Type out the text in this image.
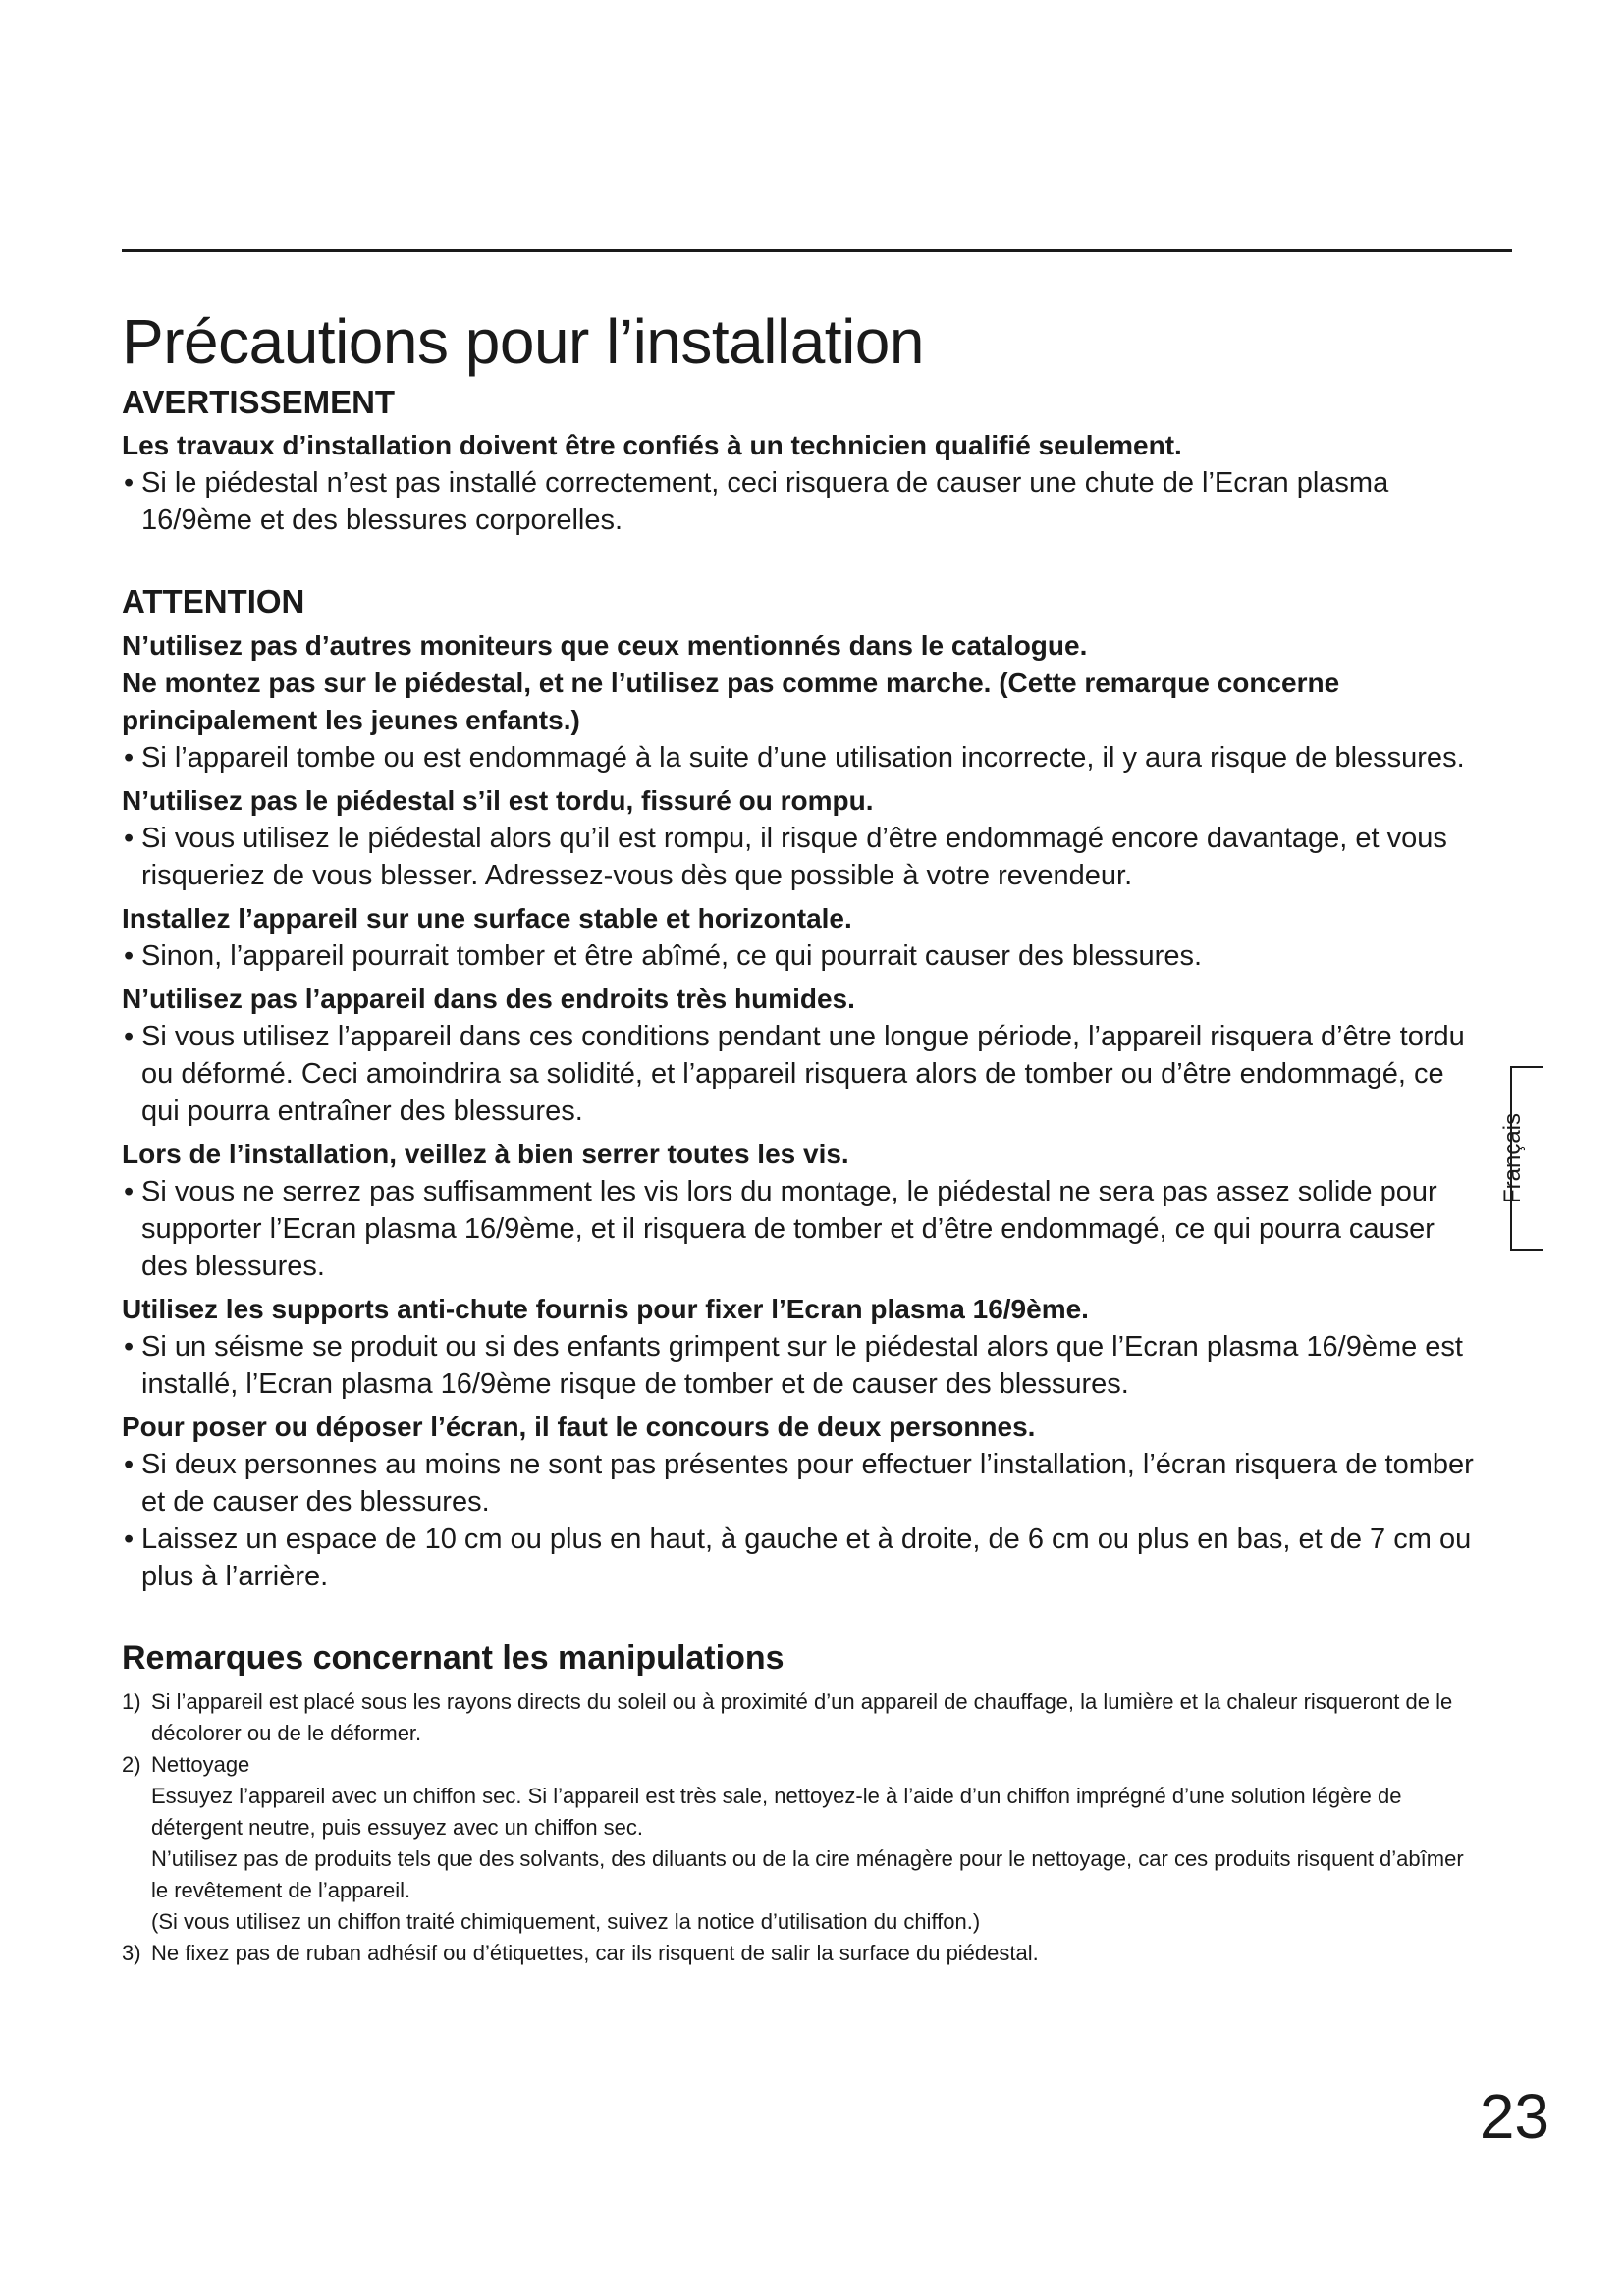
Précautions pour l’installation
AVERTISSEMENT
Les travaux d’installation doivent être confiés à un technicien qualifié seulement.
• Si le piédestal n’est pas installé correctement, ceci risquera de causer une chute de l’Ecran plasma 16/9ème et des blessures corporelles.
ATTENTION
N’utilisez pas d’autres moniteurs que ceux mentionnés dans le catalogue.
Ne montez pas sur le piédestal, et ne l’utilisez pas comme marche. (Cette remarque concerne principalement les jeunes enfants.)
• Si l’appareil tombe ou est endommagé à la suite d’une utilisation incorrecte, il y aura risque de blessures.
N’utilisez pas le piédestal s’il est tordu, fissuré ou rompu.
• Si vous utilisez le piédestal alors qu’il est rompu, il risque d’être endommagé encore davantage, et vous risqueriez de vous blesser. Adressez-vous dès que possible à votre revendeur.
Installez l’appareil sur une surface stable et horizontale.
• Sinon, l’appareil pourrait tomber et être abîmé, ce qui pourrait causer des blessures.
N’utilisez pas l’appareil dans des endroits très humides.
• Si vous utilisez l’appareil dans ces conditions pendant une longue période, l’appareil risquera d’être tordu ou déformé. Ceci amoindrira sa solidité, et l’appareil risquera alors de tomber ou d’être endommagé, ce qui pourra entraîner des blessures.
Lors de l’installation, veillez à bien serrer toutes les vis.
• Si vous ne serrez pas suffisamment les vis lors du montage, le piédestal ne sera pas assez solide pour supporter l’Ecran plasma 16/9ème, et il risquera de tomber et d’être endommagé, ce qui pourra causer des blessures.
Utilisez les supports anti-chute fournis pour fixer l’Ecran plasma 16/9ème.
• Si un séisme se produit ou si des enfants grimpent sur le piédestal alors que l’Ecran plasma 16/9ème est installé, l’Ecran plasma 16/9ème risque de tomber et de causer des blessures.
Pour poser ou déposer l’écran, il faut le concours de deux personnes.
• Si deux personnes au moins ne sont pas présentes pour effectuer l’installation, l’écran risquera de tomber et de causer des blessures.
• Laissez un espace de 10 cm ou plus en haut, à gauche et à droite, de 6 cm ou plus en bas, et de 7 cm ou plus à l’arrière.
Remarques concernant les manipulations
1) Si l’appareil est placé sous les rayons directs du soleil ou à proximité d’un appareil de chauffage, la lumière et la chaleur risqueront de le décolorer ou de le déformer.
2) Nettoyage
Essuyez l’appareil avec un chiffon sec. Si l’appareil est très sale, nettoyez-le à l’aide d’un chiffon imprégné d’une solution légère de détergent neutre, puis essuyez avec un chiffon sec.
N’utilisez pas de produits tels que des solvants, des diluants ou de la cire ménagère pour le nettoyage, car ces produits risquent d’abîmer le revêtement de l’appareil.
(Si vous utilisez un chiffon traité chimiquement, suivez la notice d’utilisation du chiffon.)
3) Ne fixez pas de ruban adhésif ou d’étiquettes, car ils risquent de salir la surface du piédestal.
Français
23
